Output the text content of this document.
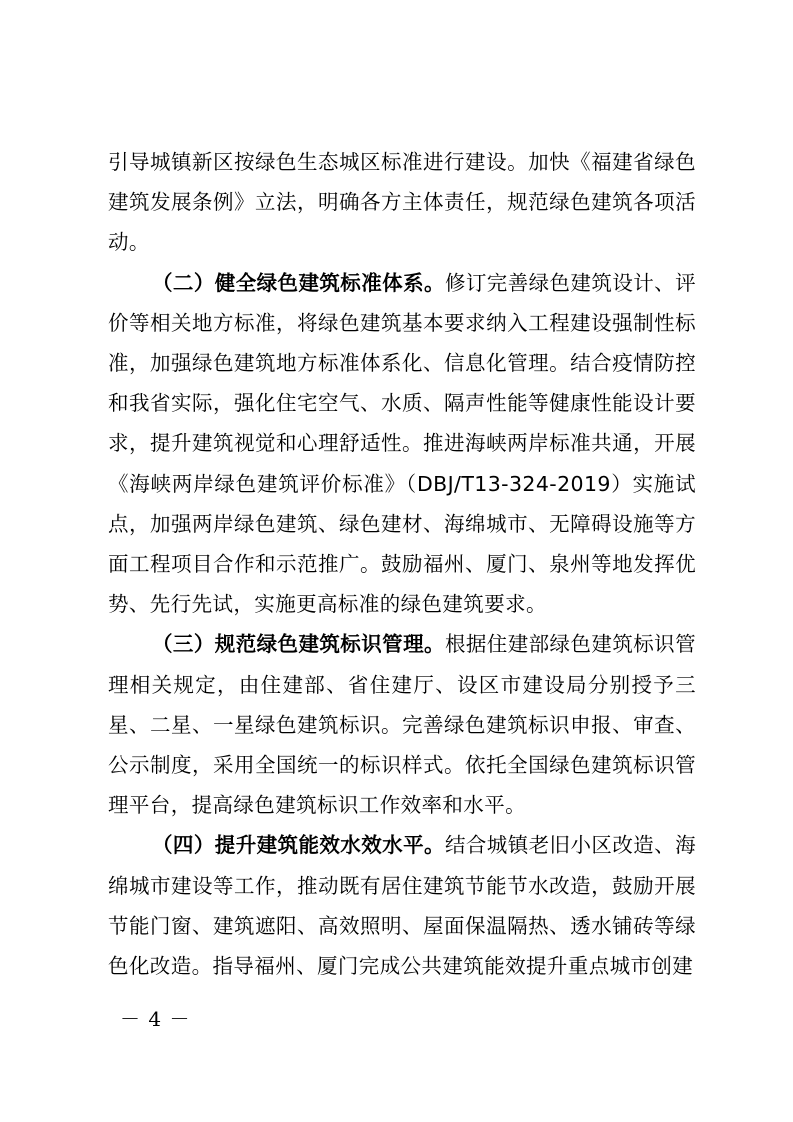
引导城镇新区按绿色生态城区标准进行建设。加快《福建省绿色建筑发展条例》立法，明确各方主体责任，规范绿色建筑各项活动。

（二）健全绿色建筑标准体系。修订完善绿色建筑设计、评价等相关地方标准，将绿色建筑基本要求纳入工程建设强制性标准，加强绿色建筑地方标准体系化、信息化管理。结合疫情防控和我省实际，强化住宅空气、水质、隔声性能等健康性能设计要求，提升建筑视觉和心理舒适性。推进海峡两岸标准共通，开展《海峡两岸绿色建筑评价标准》（DBJ/T13-324-2019）实施试点，加强两岸绿色建筑、绿色建材、海绵城市、无障碍设施等方面工程项目合作和示范推广。鼓励福州、厦门、泉州等地发挥优势、先行先试，实施更高标准的绿色建筑要求。

（三）规范绿色建筑标识管理。根据住建部绿色建筑标识管理相关规定，由住建部、省住建厅、设区市建设局分别授予三星、二星、一星绿色建筑标识。完善绿色建筑标识申报、审查、公示制度，采用全国统一的标识样式。依托全国绿色建筑标识管理平台，提高绿色建筑标识工作效率和水平。

（四）提升建筑能效水效水平。结合城镇老旧小区改造、海绵城市建设等工作，推动既有居住建筑节能节水改造，鼓励开展节能门窗、建筑遮阳、高效照明、屋面保温隔热、透水铺砖等绿色化改造。指导福州、厦门完成公共建筑能效提升重点城市创建

－ 4 －
